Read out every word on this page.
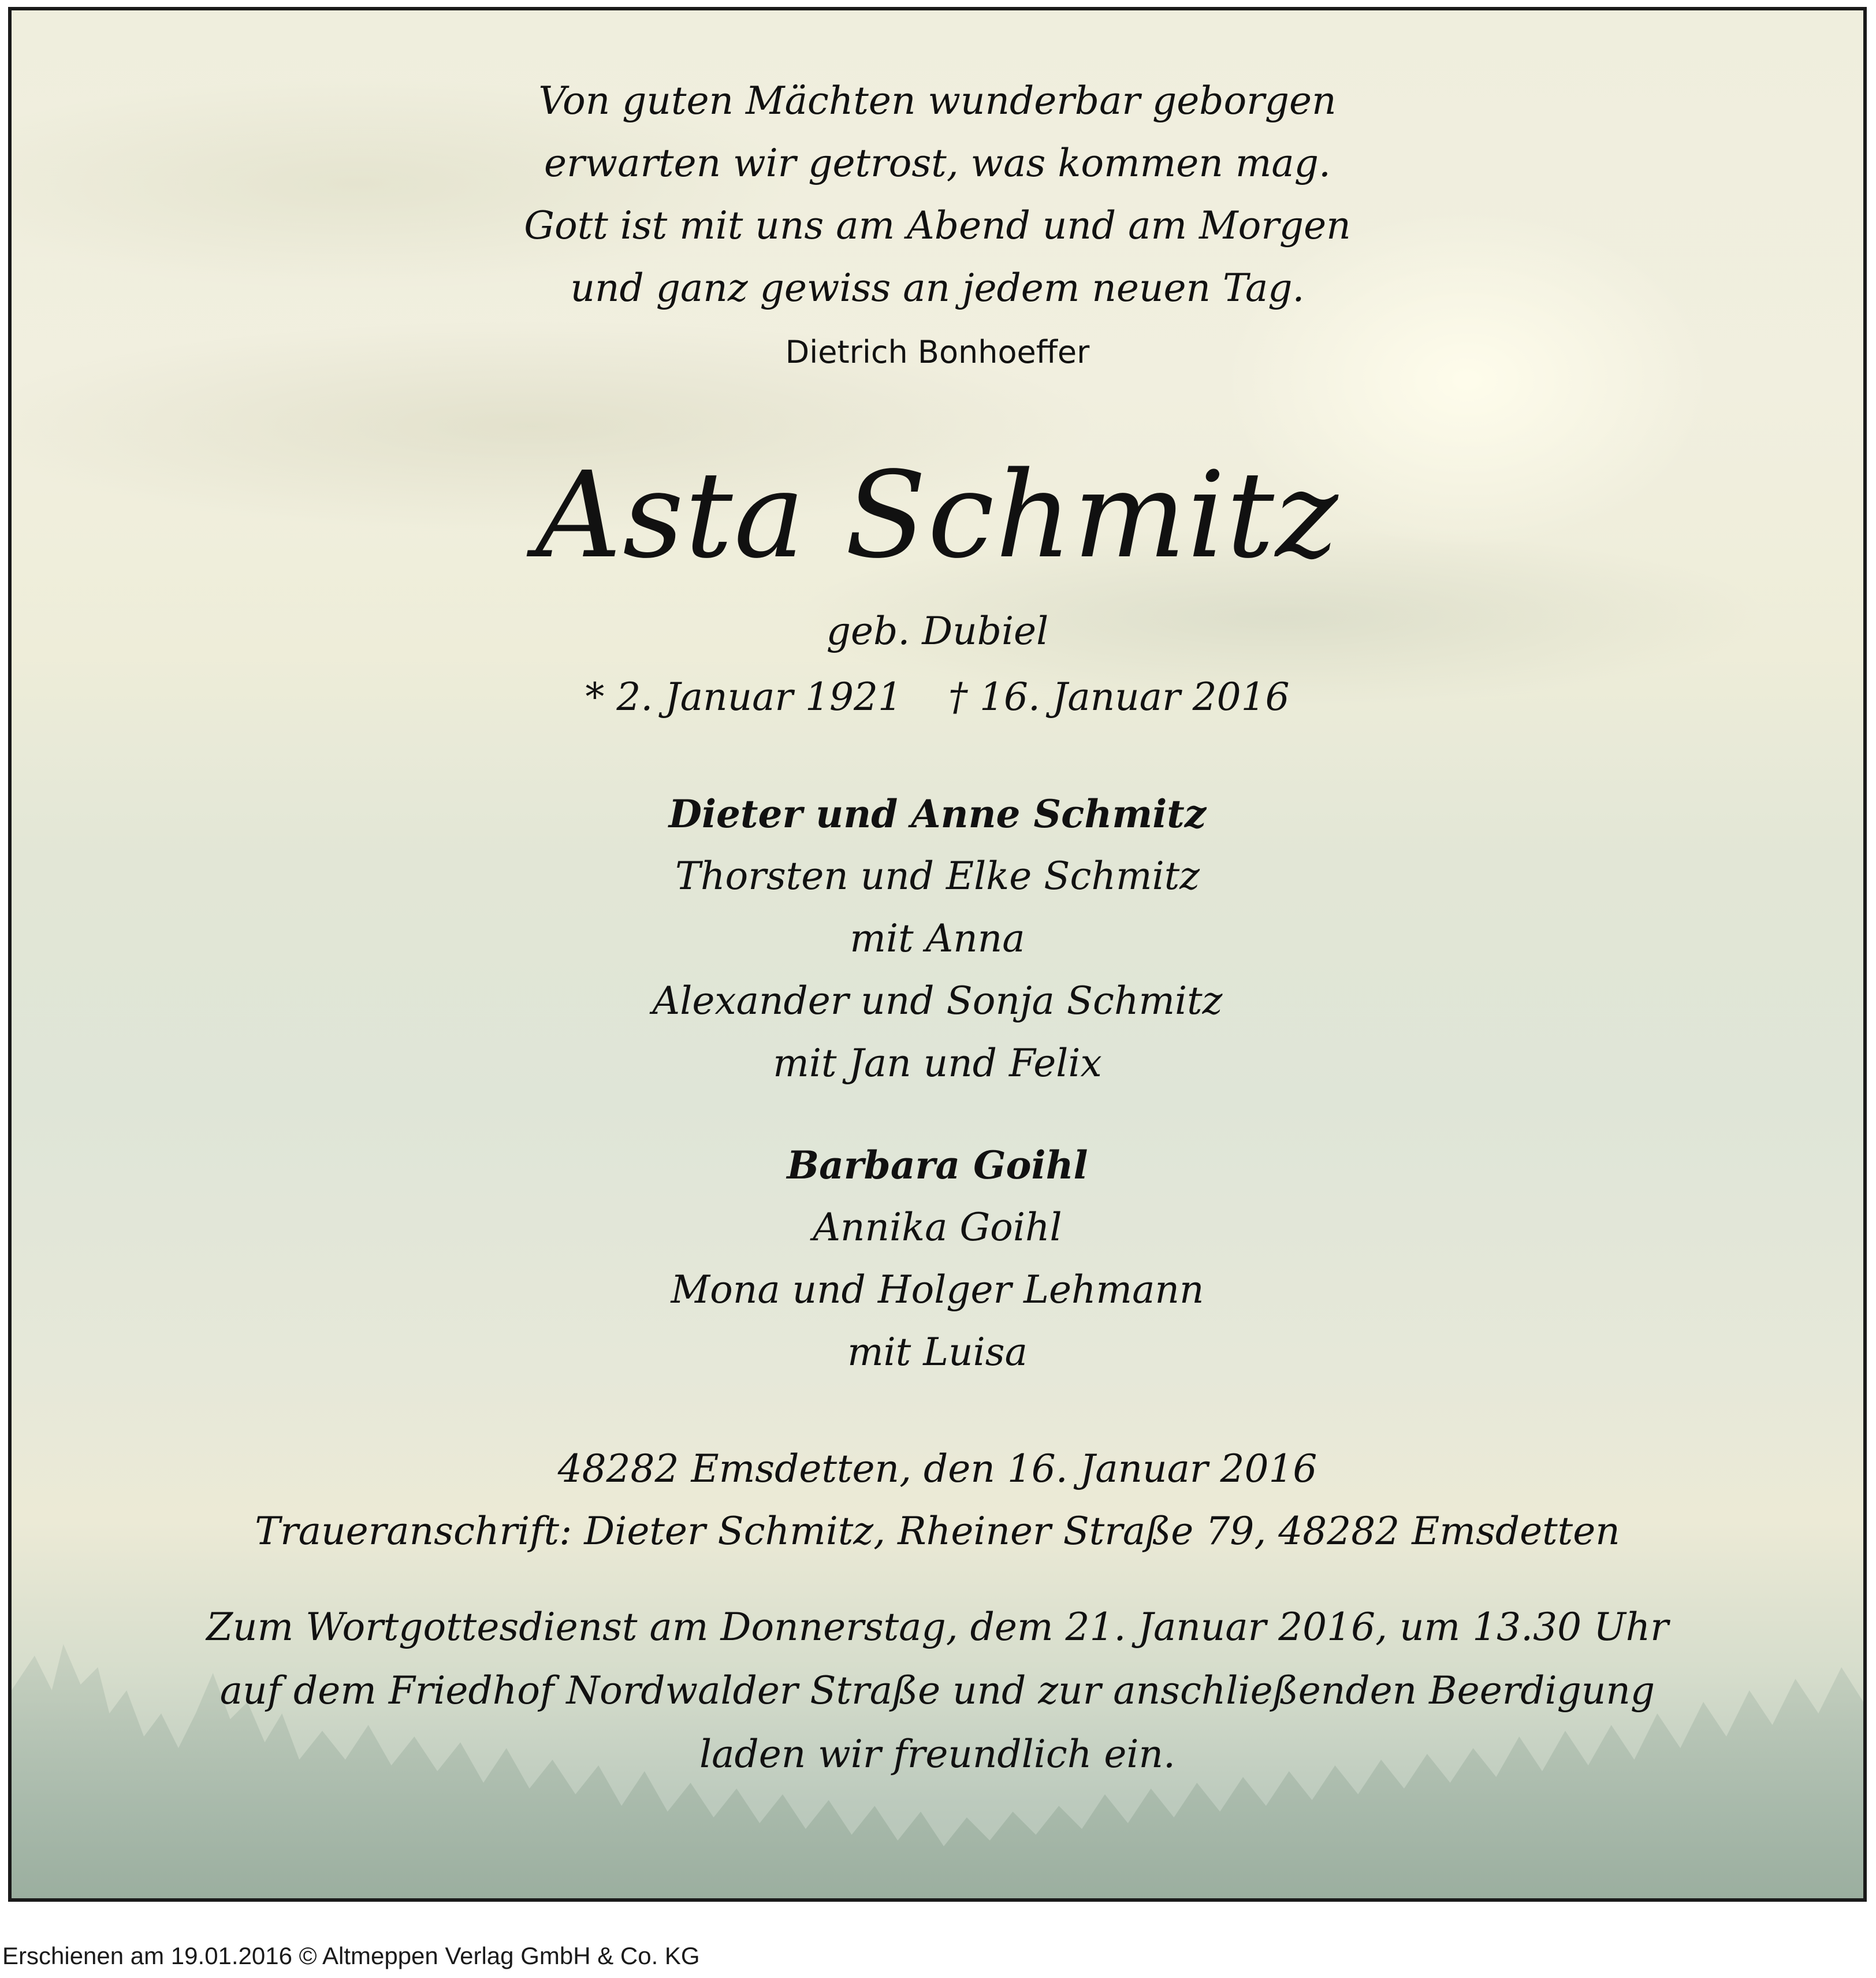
Von guten Mächten wunderbar geborgen
erwarten wir getrost, was kommen mag.
Gott ist mit uns am Abend und am Morgen
und ganz gewiss an jedem neuen Tag.
Dietrich Bonhoeffer
Asta Schmitz
geb. Dubiel
* 2. Januar 1921 † 16. Januar 2016
Dieter und Anne Schmitz
Thorsten und Elke Schmitz
mit Anna
Alexander und Sonja Schmitz
mit Jan und Felix
Barbara Goihl
Annika Goihl
Mona und Holger Lehmann
mit Luisa
48282 Emsdetten, den 16. Januar 2016
Traueranschrift: Dieter Schmitz, Rheiner Straße 79, 48282 Emsdetten
Zum Wortgottesdienst am Donnerstag, dem 21. Januar 2016, um 13.30 Uhr
auf dem Friedhof Nordwalder Straße und zur anschließenden Beerdigung
laden wir freundlich ein.
Erschienen am 19.01.2016 © Altmeppen Verlag GmbH & Co. KG
